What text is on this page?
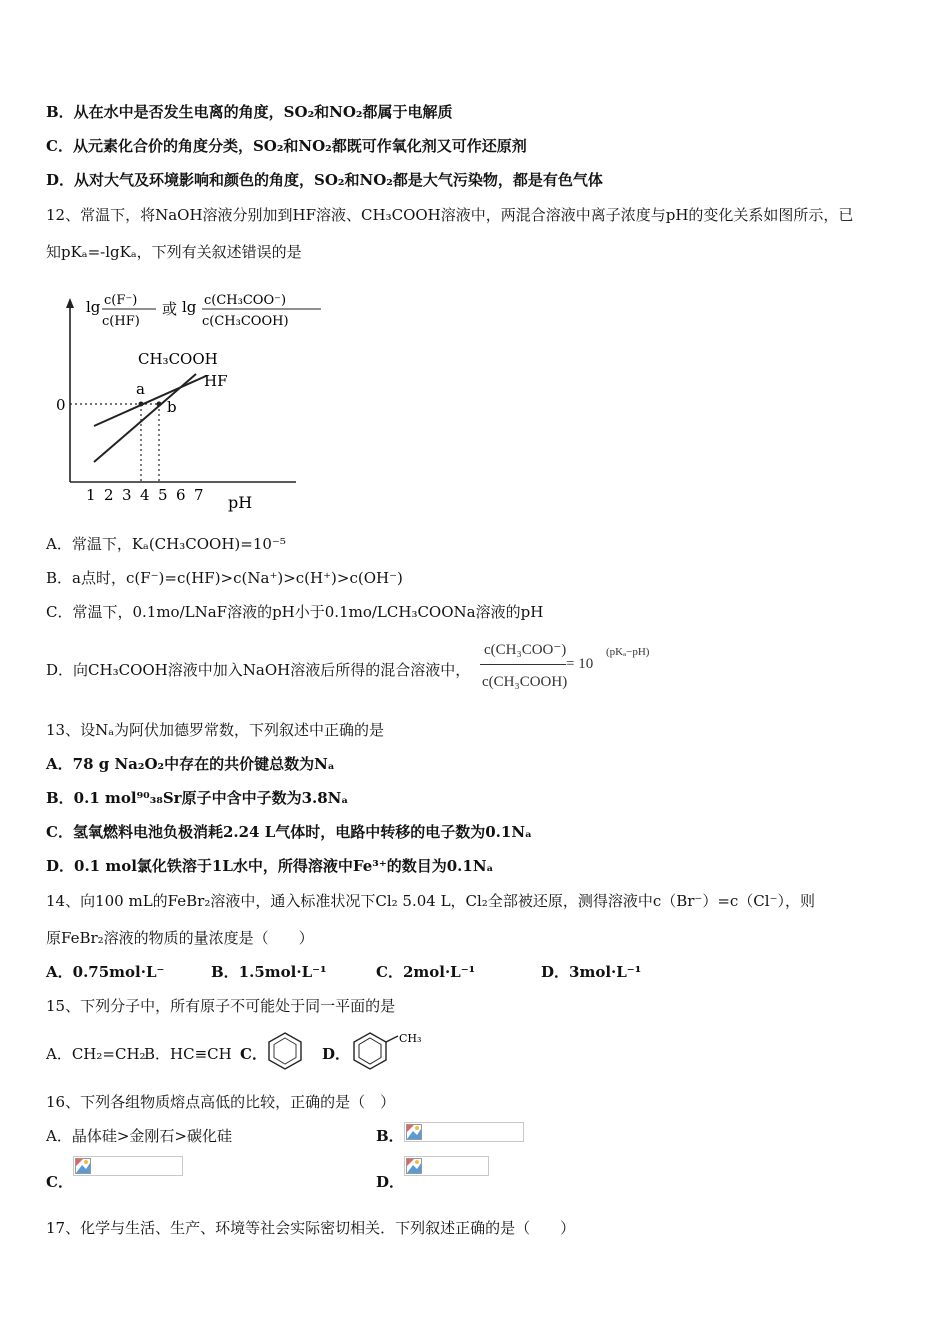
B．从在水中是否发生电离的角度，SO₂和NO₂都属于电解质
C．从元素化合价的角度分类，SO₂和NO₂都既可作氧化剂又可作还原剂
D．从对大气及环境影响和颜色的角度，SO₂和NO₂都是大气污染物，都是有色气体
12、常温下，将NaOH溶液分别加到HF溶液、CH₃COOH溶液中，两混合溶液中离子浓度与pH的变化关系如图所示，已
知pKₐ=-lgKₐ，下列有关叙述错误的是
lg c(F⁻)
c(HF)
或 lg c(CH₃COO⁻)
c(CH₃COOH)
0
a
b
CH₃COOH
HF
1 2 3 4 5 6 7 pH
A．常温下，Kₐ(CH₃COOH)=10⁻⁵
B．a点时，c(F⁻)=c(HF)>c(Na⁺)>c(H⁺)>c(OH⁻)
C．常温下，0.1mo/LNaF溶液的pH小于0.1mo/LCH₃COONa溶液的pH
D．向CH₃COOH溶液中加入NaOH溶液后所得的混合溶液中，
c(CH₃COO⁻)
c(CH₃COOH)
= 10
(pKₐ−pH)
13、设Nₐ为阿伏加德罗常数，下列叙述中正确的是
A．78 g Na₂O₂中存在的共价键总数为Nₐ
B．0.1 mol⁹⁰₃₈Sr原子中含中子数为3.8Nₐ
C．氢氧燃料电池负极消耗2.24 L气体时，电路中转移的电子数为0.1Nₐ
D．0.1 mol氯化铁溶于1L水中，所得溶液中Fe³⁺的数目为0.1Nₐ
14、向100 mL的FeBr₂溶液中，通入标准状况下Cl₂ 5.04 L，Cl₂全部被还原，测得溶液中c（Br⁻）=c（Cl⁻），则
原FeBr₂溶液的物质的量浓度是（　　）
A．0.75mol·L⁻	B．1.5mol·L⁻¹	C．2mol·L⁻¹	D．3mol·L⁻¹
15、下列分子中，所有原子不可能处于同一平面的是
A．CH₂=CH₂
B．HC≡CH C．	D．
CH₃
16、下列各组物质熔点高低的比较，正确的是（　）
A．晶体硅>金刚石>碳化硅	B．
C．	D．
17、化学与生活、生产、环境等社会实际密切相关．下列叙述正确的是（　　）
